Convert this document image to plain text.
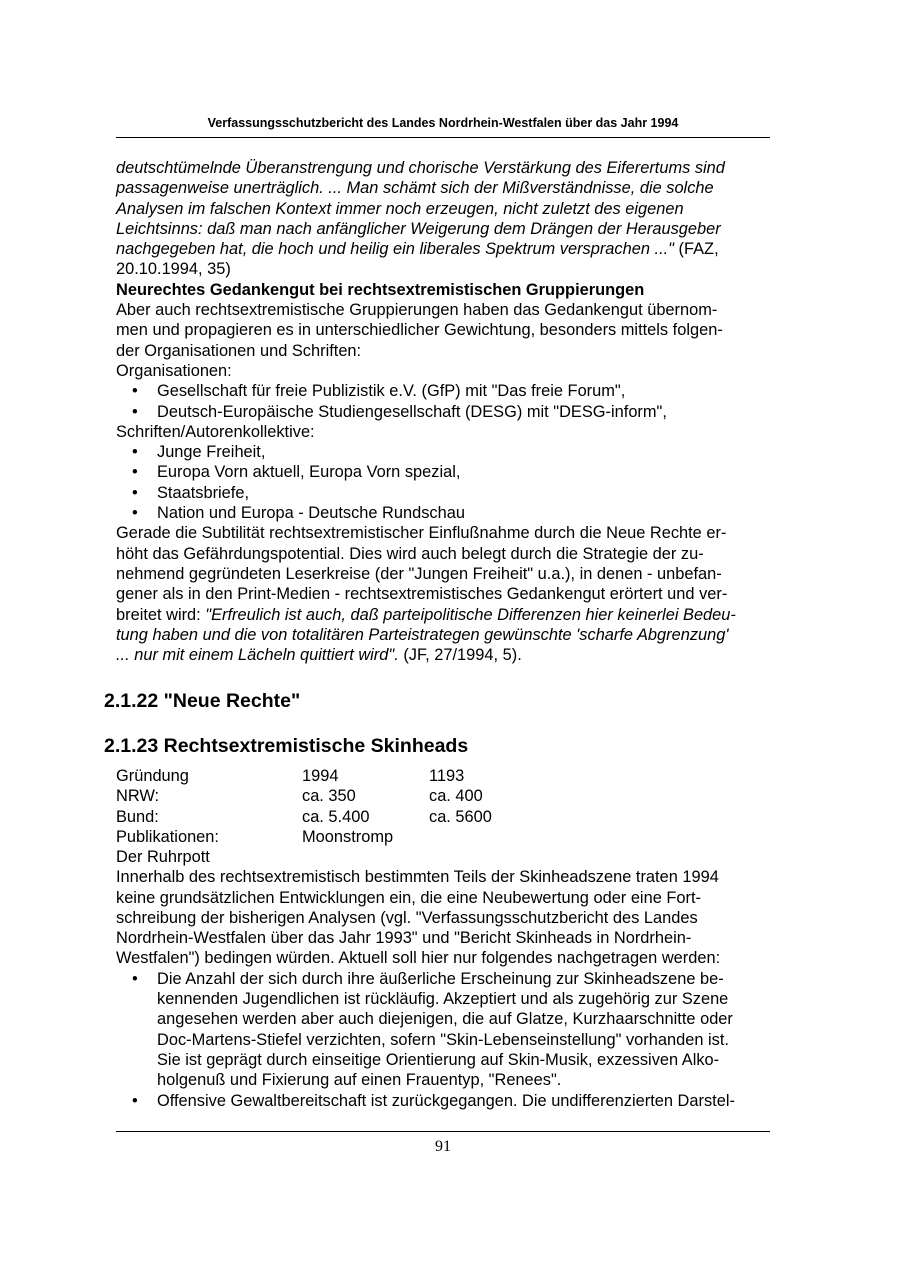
Verfassungsschutzbericht des Landes Nordrhein-Westfalen über das Jahr 1994

deutschtümelnde Überanstrengung und chorische Verstärkung des Eiferertums sind

passagenweise unerträglich. ... Man schämt sich der Mißverständnisse, die solche

Analysen im falschen Kontext immer noch erzeugen, nicht zuletzt des eigenen

Leichtsinns: daß man nach anfänglicher Weigerung dem Drängen der Herausgeber

nachgegeben hat, die hoch und heilig ein liberales Spektrum versprachen ..." (FAZ,

20.10.1994, 35)

Neurechtes Gedankengut bei rechtsextremistischen Gruppierungen

Aber auch rechtsextremistische Gruppierungen haben das Gedankengut übernom-

men und propagieren es in unterschiedlicher Gewichtung, besonders mittels folgen-

der Organisationen und Schriften:

Organisationen:

• Gesellschaft für freie Publizistik e.V. (GfP) mit "Das freie Forum",
• Deutsch-Europäische Studiengesellschaft (DESG) mit "DESG-inform",

Schriften/Autorenkollektive:

• Junge Freiheit,
• Europa Vorn aktuell, Europa Vorn spezial,
• Staatsbriefe,
• Nation und Europa - Deutsche Rundschau

Gerade die Subtilität rechtsextremistischer Einflußnahme durch die Neue Rechte er-

höht das Gefährdungspotential. Dies wird auch belegt durch die Strategie der zu-

nehmend gegründeten Leserkreise (der "Jungen Freiheit" u.a.), in denen - unbefan-

gener als in den Print-Medien - rechtsextremistisches Gedankengut erörtert und ver-

breitet wird: "Erfreulich ist auch, daß parteipolitische Differenzen hier keinerlei Bedeu-

tung haben und die von totalitären Parteistrategen gewünschte 'scharfe Abgrenzung'

... nur mit einem Lächeln quittiert wird". (JF, 27/1994, 5).

2.1.22 "Neue Rechte"
2.1.23 Rechtsextremistische Skinheads
Gründung	1994	1193
NRW:	ca. 350	ca. 400
Bund:	ca. 5.400	ca. 5600
Publikationen:	Moonstromp	

Der Ruhrpott

Innerhalb des rechtsextremistisch bestimmten Teils der Skinheadszene traten 1994

keine grundsätzlichen Entwicklungen ein, die eine Neubewertung oder eine Fort-

schreibung der bisherigen Analysen (vgl. "Verfassungsschutzbericht des Landes

Nordrhein-Westfalen über das Jahr 1993" und "Bericht Skinheads in Nordrhein-

Westfalen") bedingen würden. Aktuell soll hier nur folgendes nachgetragen werden:

• Die Anzahl der sich durch ihre äußerliche Erscheinung zur Skinheadszene be-
kennenden Jugendlichen ist rückläufig. Akzeptiert und als zugehörig zur Szene
angesehen werden aber auch diejenigen, die auf Glatze, Kurzhaarschnitte oder
Doc-Martens-Stiefel verzichten, sofern "Skin-Lebenseinstellung" vorhanden ist.
Sie ist geprägt durch einseitige Orientierung auf Skin-Musik, exzessiven Alko-
holgenuß und Fixierung auf einen Frauentyp, "Renees".
• Offensive Gewaltbereitschaft ist zurückgegangen. Die undifferenzierten Darstel-
91
